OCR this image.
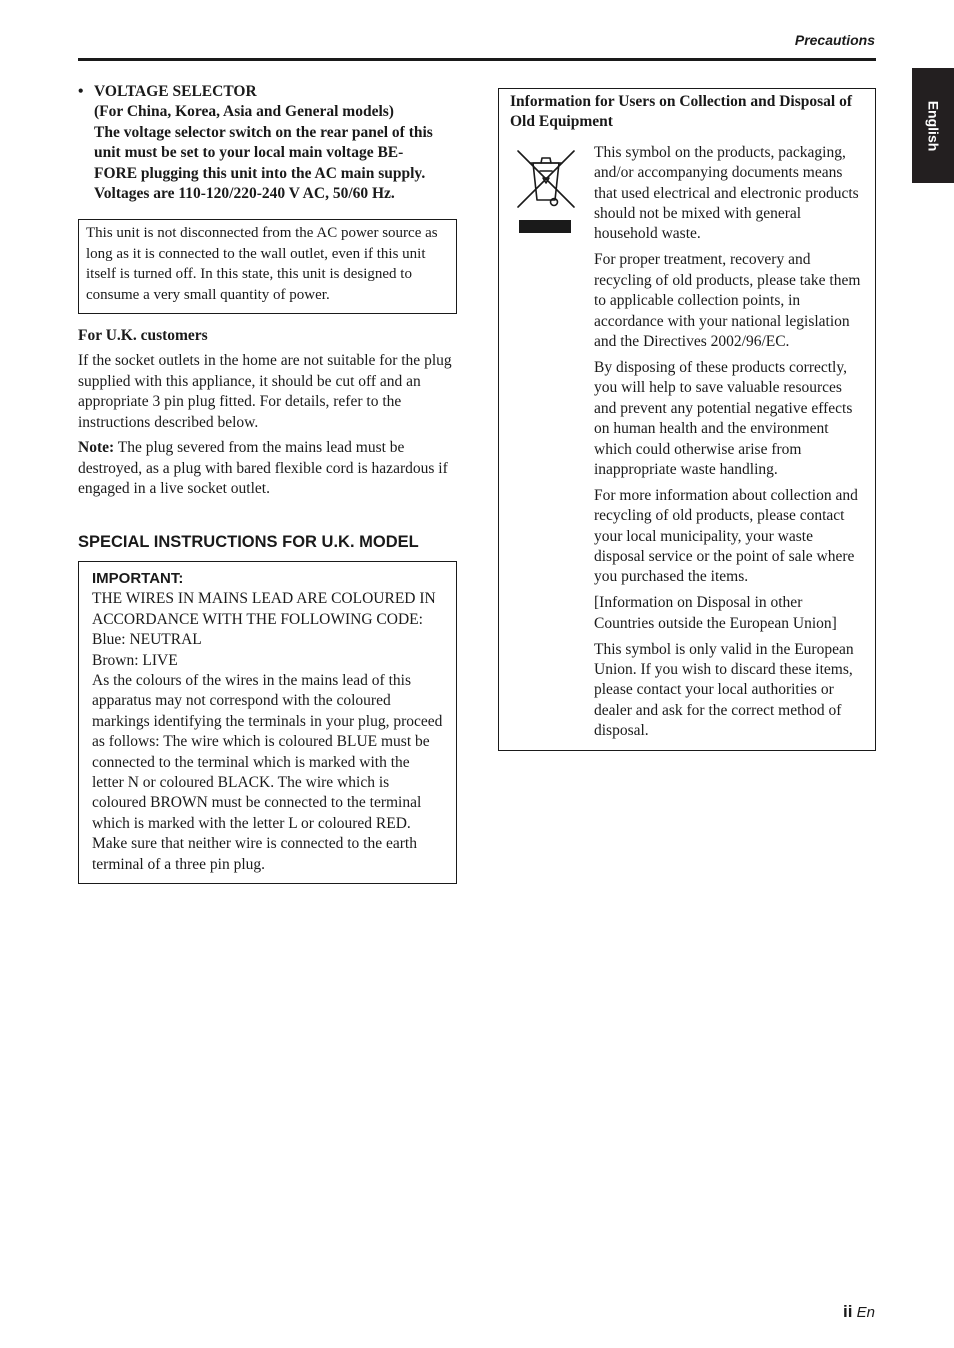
Precautions
English
• VOLTAGE SELECTOR
(For China, Korea, Asia and General models)
The voltage selector switch on the rear panel of this
unit must be set to your local main voltage BE-
FORE plugging this unit into the AC main supply.
Voltages are 110-120/220-240 V AC, 50/60 Hz.

This unit is not disconnected from the AC power source as long as it is connected to the wall outlet, even if this unit itself is turned off. In this state, this unit is designed to consume a very small quantity of power.

For U.K. customers

If the socket outlets in the home are not suitable for the plug supplied with this appliance, it should be cut off and an appropriate 3 pin plug fitted. For details, refer to the instructions described below.

Note: The plug severed from the mains lead must be destroyed, as a plug with bared flexible cord is hazardous if engaged in a live socket outlet.

SPECIAL INSTRUCTIONS FOR U.K. MODEL
IMPORTANT:

THE WIRES IN MAINS LEAD ARE COLOURED IN ACCORDANCE WITH THE FOLLOWING CODE:

Blue: NEUTRAL

Brown: LIVE

As the colours of the wires in the mains lead of this apparatus may not correspond with the coloured markings identifying the terminals in your plug, proceed as follows: The wire which is coloured BLUE must be connected to the terminal which is marked with the letter N or coloured BLACK. The wire which is coloured BROWN must be connected to the terminal which is marked with the letter L or coloured RED. Make sure that neither wire is connected to the earth terminal of a three pin plug.

Information for Users on Collection and Disposal of Old Equipment

This symbol on the products, packaging, and/or accompanying documents means that used electrical and electronic products should not be mixed with general household waste.

For proper treatment, recovery and recycling of old products, please take them to applicable collection points, in accordance with your national legislation and the Directives 2002/96/EC.

By disposing of these products correctly, you will help to save valuable resources and prevent any potential negative effects on human health and the environment which could otherwise arise from inappropriate waste handling.

For more information about collection and recycling of old products, please contact your local municipality, your waste disposal service or the point of sale where you purchased the items.

[Information on Disposal in other Countries outside the European Union]

This symbol is only valid in the European Union. If you wish to discard these items, please contact your local authorities or dealer and ask for the correct method of disposal.

ii En
